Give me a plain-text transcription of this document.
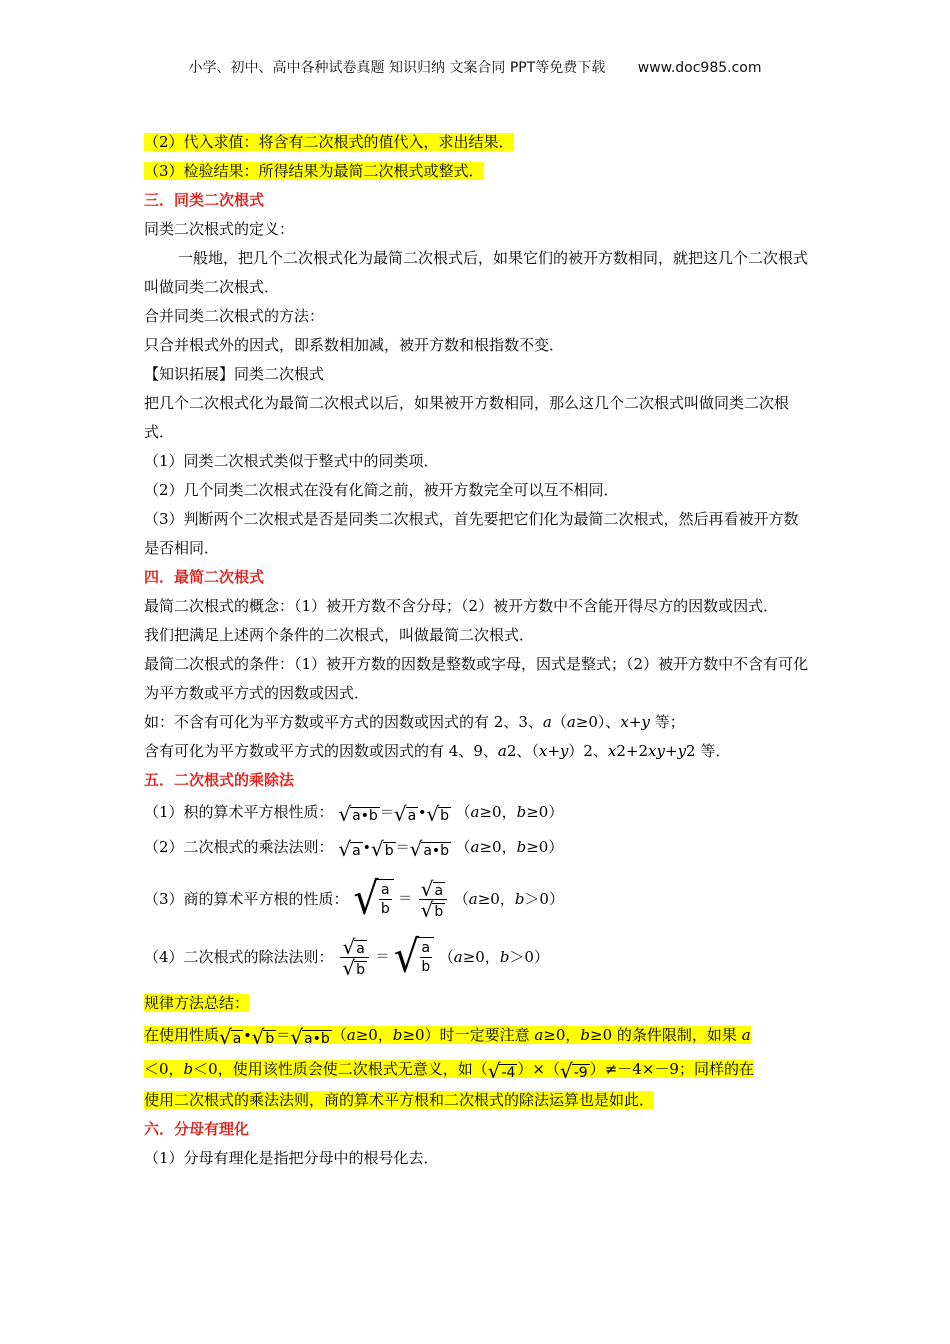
小学、初中、高中各种试卷真题 知识归纳 文案合同 PPT等免费下载 www.doc985.com
（2）代入求值：将含有二次根式的值代入，求出结果．
（3）检验结果：所得结果为最简二次根式或整式．
三．同类二次根式
同类二次根式的定义：
一般地，把几个二次根式化为最简二次根式后，如果它们的被开方数相同，就把这几个二次根式叫做同类二次根式．
合并同类二次根式的方法：
只合并根式外的因式，即系数相加减，被开方数和根指数不变．
【知识拓展】同类二次根式
把几个二次根式化为最简二次根式以后，如果被开方数相同，那么这几个二次根式叫做同类二次根式．
（1）同类二次根式类似于整式中的同类项．
（2）几个同类二次根式在没有化简之前，被开方数完全可以互不相同．
（3）判断两个二次根式是否是同类二次根式，首先要把它们化为最简二次根式，然后再看被开方数是否相同．
四．最简二次根式
最简二次根式的概念：（1）被开方数不含分母；（2）被开方数中不含能开得尽方的因数或因式．
我们把满足上述两个条件的二次根式，叫做最简二次根式．
最简二次根式的条件：（1）被开方数的因数是整数或字母，因式是整式；（2）被开方数中不含有可化为平方数或平方式的因数或因式．
如：不含有可化为平方数或平方式的因数或因式的有 2、3、a（a≥0）、x+y 等；
含有可化为平方数或平方式的因数或因式的有 4、9、a2、（x+y）2、x2+2xy+y2 等．
五．二次根式的乘除法
（1）积的算术平方根性质： √ a•b ＝ √ a • √ b （a≥0，b≥0）
（2）二次根式的乘法法则： √ a • √ b ＝ √ a•b （a≥0，b≥0）
（3）商的算术平方根的性质： √ $\frac{a}{b} = \frac{√ a}{√ b} (a\ge 0$，b＞0）
（4）二次根式的除法法则： $\frac{√ a}{√ b}$ ＝ √ $\frac{a}{b} (a\ge 0$，b＞0）
规律方法总结：
在使用性质 √ a • √ b ＝ √ a•b （a≥0，b≥0）时一定要注意 a≥0，b≥0 的条件限制，如果 a
＜0，b＜0，使用该性质会使二次根式无意义，如（ √ -4 ）×（ √ -9 ）≠－4×－9；同样的在
使用二次根式的乘法法则，商的算术平方根和二次根式的除法运算也是如此．
六．分母有理化
（1）分母有理化是指把分母中的根号化去．
